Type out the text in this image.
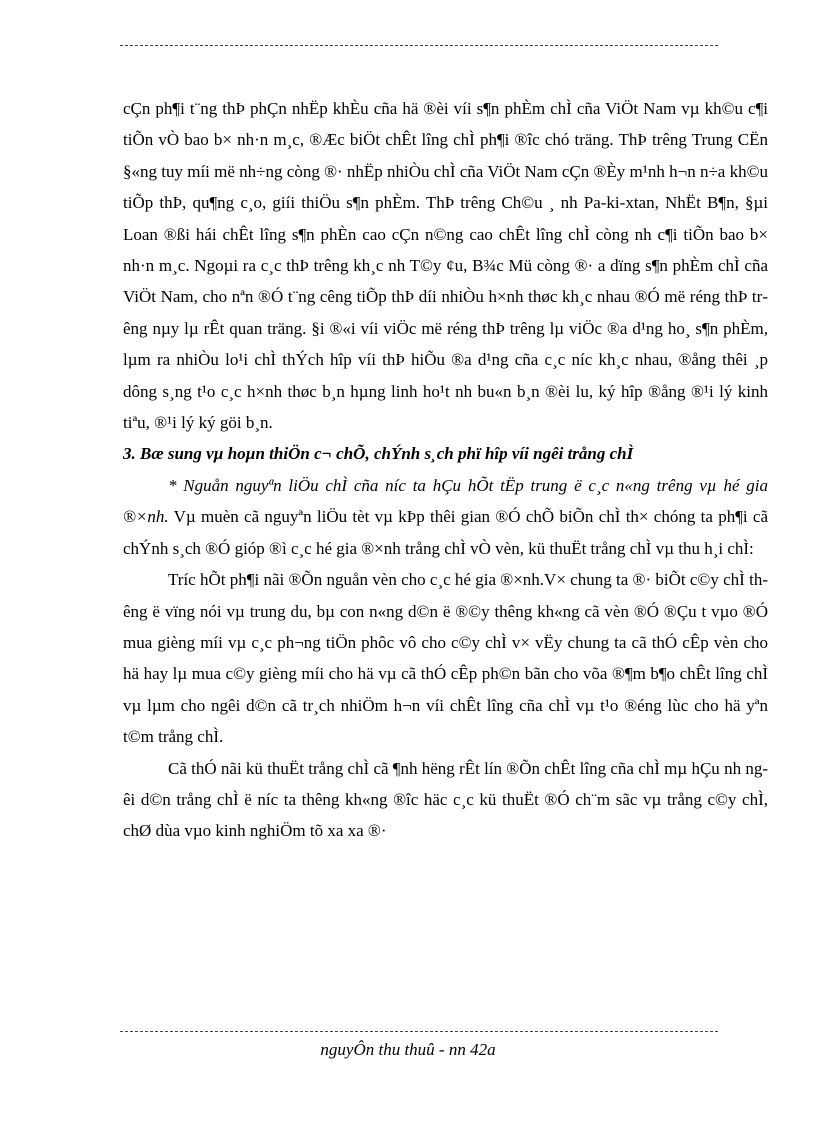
cÇn ph¶i t¨ng thÞ phÇn nhËp khÈu cña hä ®èi víi s¶n phÈm chÌ cña ViÖt Nam vµ kh©u c¶i tiÕn vÒ bao b× nh·n m¸c, ®Æc biÖt chÊt lîng chÌ ph¶i ®îc chó träng. ThÞ trêng Trung CËn §«ng tuy míi më nh÷ng còng ®· nhËp nhiÒu chÌ cña ViÖt Nam cÇn ®Èy m¹nh h¬n n÷a kh©u tiÕp thÞ, qu¶ng c¸o, giíi thiÖu s¶n phÈm. ThÞ trêng Ch©u ¸ nh Pa-ki-xtan, NhËt B¶n, §µi Loan ®ßi hái chÊt lîng s¶n phÈn cao cÇn n©ng cao chÊt lîng chÌ còng nh c¶i tiÕn bao b× nh·n m¸c. Ngoµi ra c¸c thÞ trêng kh¸c nh T©y ¢u, B¾c Mü còng ®· a dïng s¶n phÈm chÌ cña ViÖt Nam, cho nªn ®Ó t¨ng cêng tiÕp thÞ díi nhiÒu h×nh thøc kh¸c nhau ®Ó më réng thÞ trêng nµy lµ rÊt quan träng. §i ®«i víi viÖc më réng thÞ trêng lµ viÖc ®a d¹ng ho¸ s¶n phÈm, lµm ra nhiÒu lo¹i chÌ thÝch hîp víi thÞ hiÕu ®a d¹ng cña c¸c níc kh¸c nhau, ®ång thêi ¸p dông s¸ng t¹o c¸c h×nh thøc b¸n hµng linh ho¹t nh bu«n b¸n ®èi lu, ký hîp ®ång ®¹i lý kinh tiªu, ®¹i lý ký göi b¸n.

3. Bæ sung vµ hoµn thiÖn c¬ chÕ, chÝnh s¸ch phï hîp víi ngêi trång chÌ

* Nguån nguyªn liÖu chÌ cña níc ta hÇu hÕt tËp trung ë c¸c n«ng trêng vµ hé gia ®×nh. Vµ muèn cã nguyªn liÖu tèt vµ kÞp thêi gian ®Ó chÕ biÕn chÌ th× chóng ta ph¶i cã chÝnh s¸ch ®Ó gióp ®ì c¸c hé gia ®×nh trång chÌ vÒ vèn, kü thuËt trång chÌ vµ thu h¸i chÌ:

Tríc hÕt ph¶i nãi ®Õn nguån vèn cho c¸c hé gia ®×nh.V× chung ta ®· biÕt c©y chÌ thêng ë vïng nói vµ trung du, bµ con n«ng d©n ë ®©y thêng kh«ng cã vèn ®Ó ®Çu t vµo ®Ó mua gièng míi vµ c¸c ph¬ng tiÖn phôc vô cho c©y chÌ v× vËy chung ta cã thÓ cÊp vèn cho hä hay lµ mua c©y gièng míi cho hä vµ cã thÓ cÊp ph©n bãn cho võa ®¶m b¶o chÊt lîng chÌ vµ lµm cho ngêi d©n cã tr¸ch nhiÖm h¬n víi chÊt lîng cña chÌ vµ t¹o ®éng lùc cho hä yªn t©m trång chÌ.

Cã thÓ nãi kü thuËt trång chÌ cã ¶nh hëng rÊt lín ®Õn chÊt lîng cña chÌ mµ hÇu nh ngêi d©n trång chÌ ë níc ta thêng kh«ng ®îc häc c¸c kü thuËt ®Ó ch¨m sãc vµ trång c©y chÌ, chØ dùa vµo kinh nghiÖm tõ xa xa ®·

nguyÔn thu thuû - nn 42a
